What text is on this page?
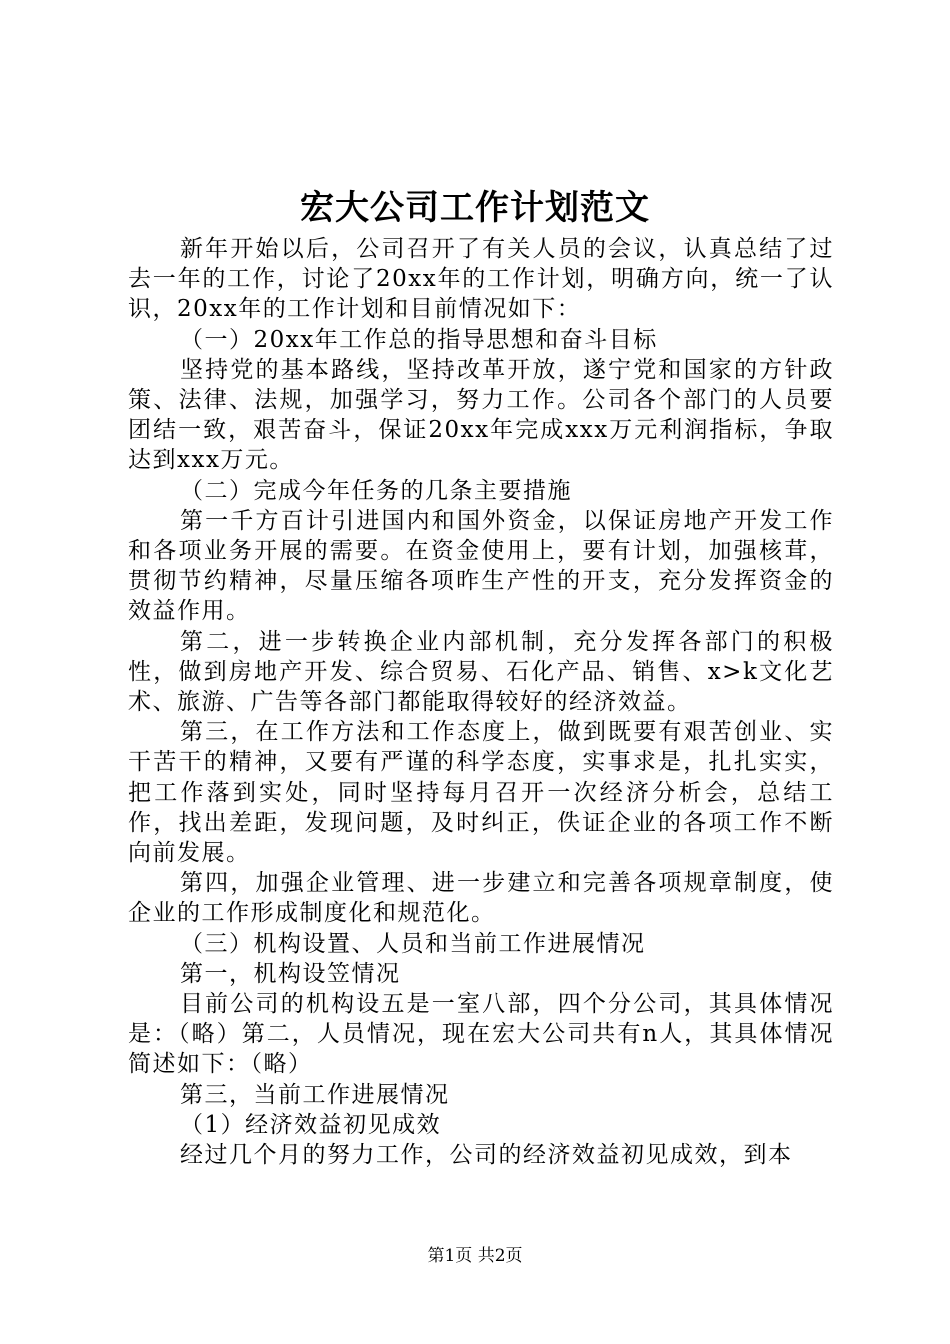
宏大公司工作计划范文

新年开始以后，公司召开了有关人员的会议，认真总结了过去一年的工作，讨论了20xx年的工作计划，明确方向，统一了认识，20xx年的工作计划和目前情况如下：

（一）20xx年工作总的指导思想和奋斗目标

坚持党的基本路线，坚持改革开放，遂宁党和国家的方针政策、法律、法规，加强学习，努力工作。公司各个部门的人员要团结一致，艰苦奋斗，保证20xx年完成xxx万元利润指标，争取达到xxx万元。

（二）完成今年任务的几条主要措施

第一千方百计引进国内和国外资金，以保证房地产开发工作和各项业务开展的需要。在资金使用上，要有计划，加强核茸，贯彻节约精神，尽量压缩各项昨生产性的开支，充分发挥资金的效益作用。

第二，进一步转换企业内部机制，充分发挥各部门的积极性，做到房地产开发、综合贸易、石化产品、销售、x>k文化艺术、旅游、广告等各部门都能取得较好的经济效益。

第三，在工作方法和工作态度上，做到既要有艰苦创业、实干苦干的精神，又要有严谨的科学态度，实事求是，扎扎实实，把工作落到实处，同时坚持每月召开一次经济分析会，总结工作，找出差距，发现问题，及时纠正，佚证企业的各项工作不断向前发展。

第四，加强企业管理、进一步建立和完善各项规章制度，使企业的工作形成制度化和规范化。

（三）机构设置、人员和当前工作进展情况

第一，机构设笠情况

目前公司的机构设五是一室八部，四个分公司，其具体情况是：（略）第二，人员情况，现在宏大公司共有n人，其具体情况简述如下：（略）

第三，当前工作进展情况

（1）经济效益初见成效

经过几个月的努力工作，公司的经济效益初见成效，到本

第1页 共2页
